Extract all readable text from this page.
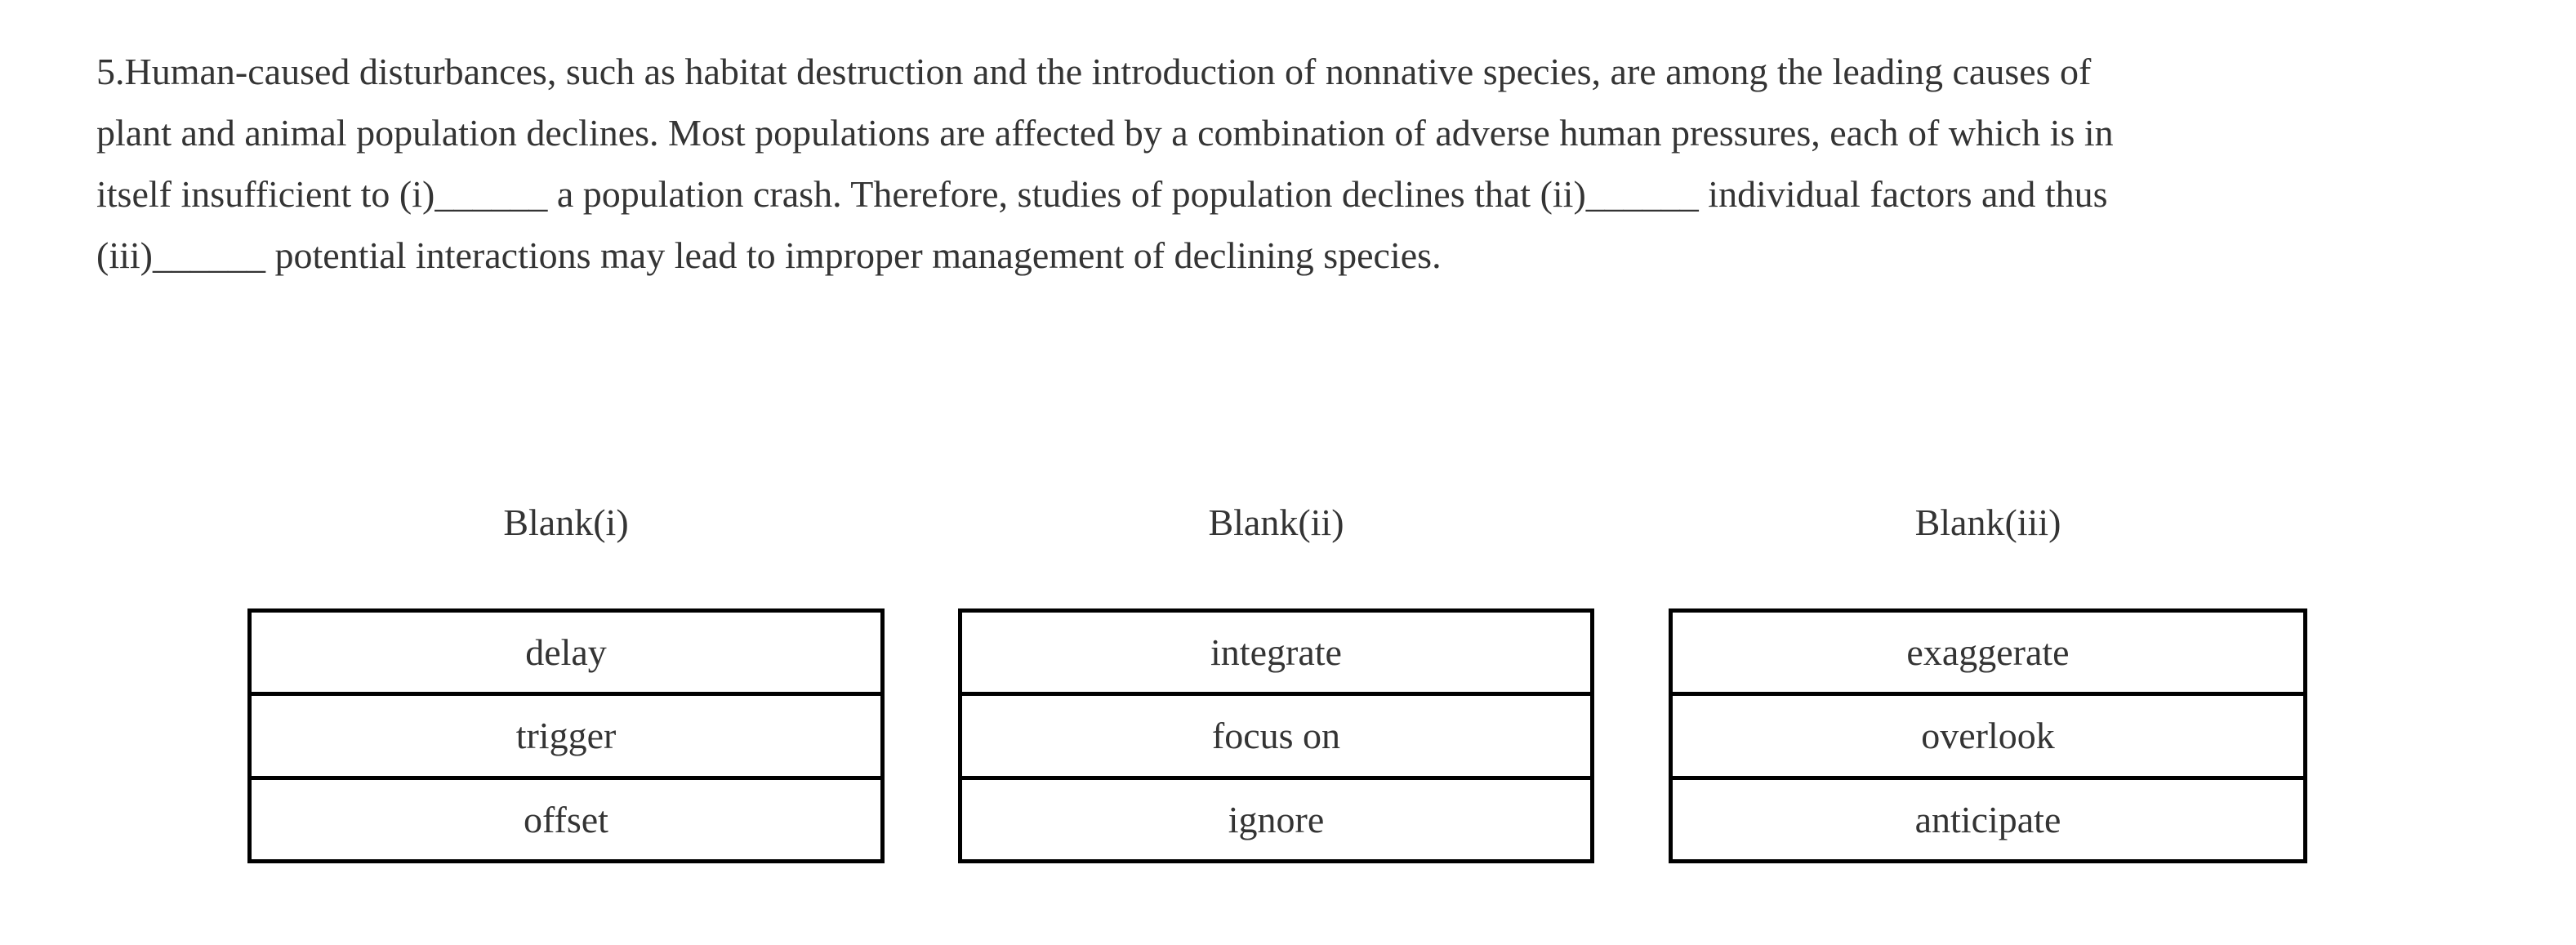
5.Human-caused disturbances, such as habitat destruction and the introduction of nonnative species, are among the leading causes of
plant and animal population declines. Most populations are affected by a combination of adverse human pressures, each of which is in
itself insufficient to (i)______ a population crash. Therefore, studies of population declines that (ii)______ individual factors and thus
(iii)______ potential interactions may lead to improper management of declining species.
Blank(i)	Blank(ii)	Blank(iii)
delay
trigger
offset
integrate
focus on
ignore
exaggerate
overlook
anticipate
